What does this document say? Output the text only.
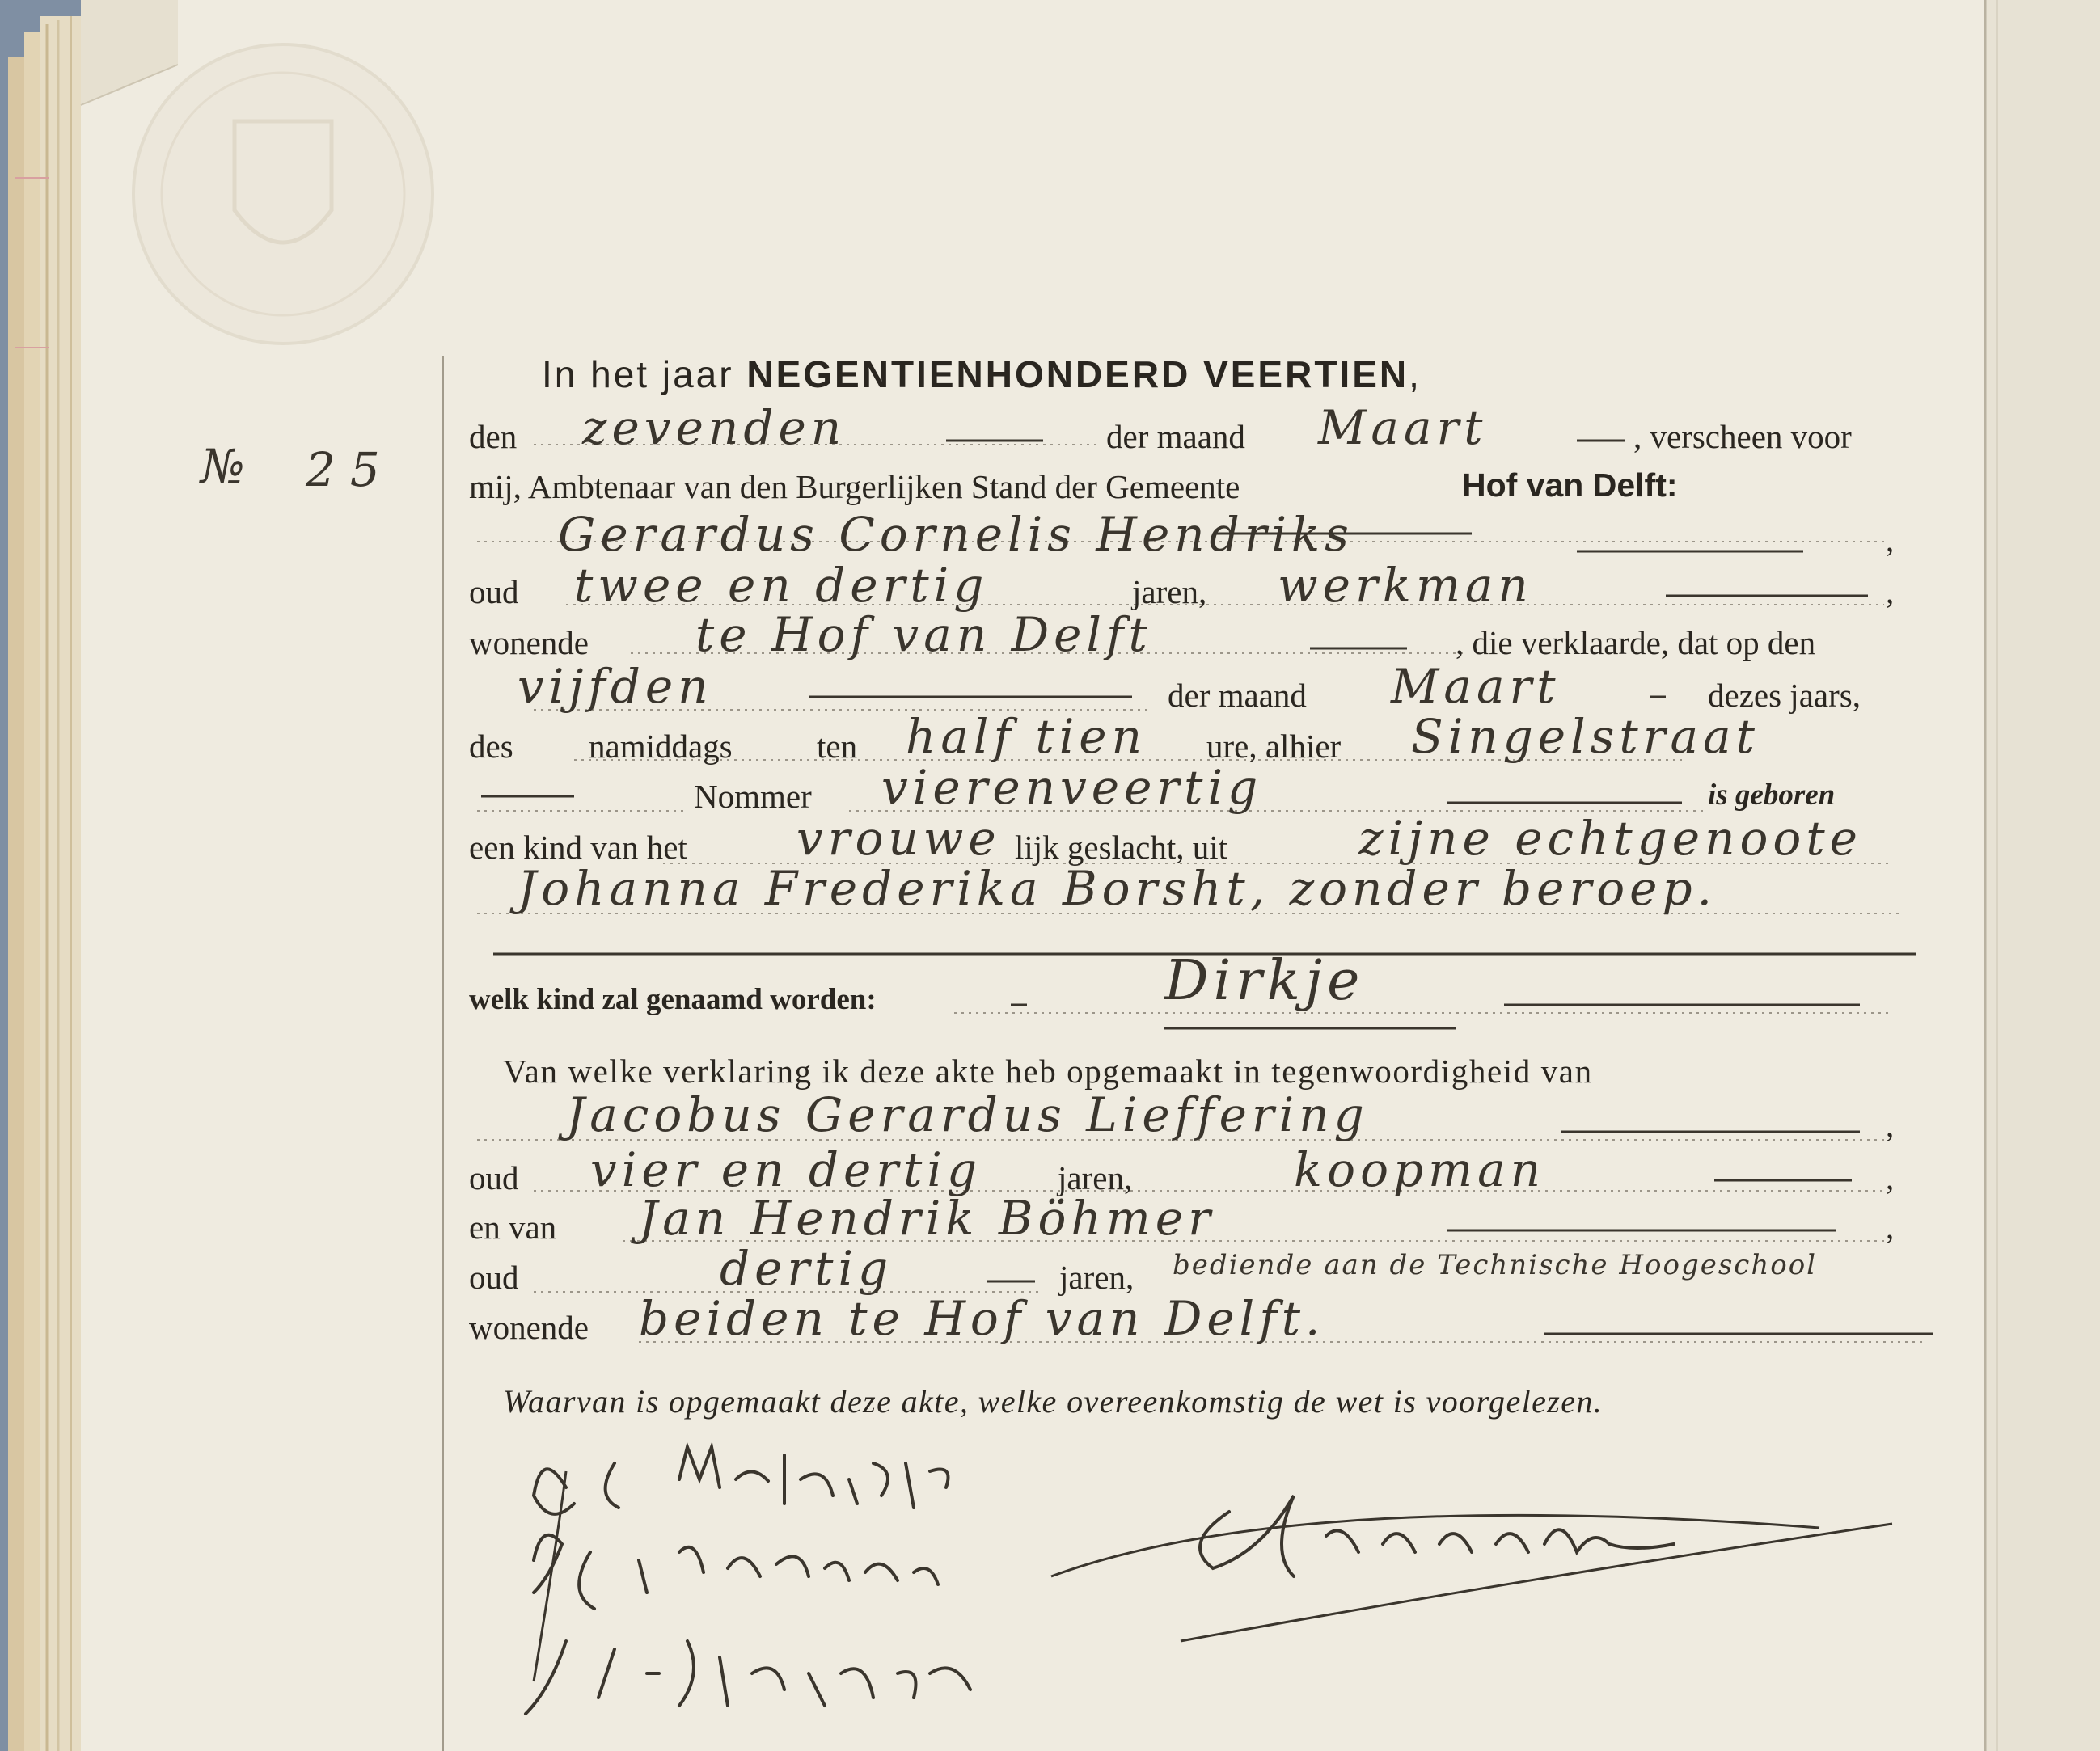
№ 25
In het jaar NEGENTIENHONDERD VEERTIEN,
den zevenden	der maand Maart	, verscheen voor
mij, Ambtenaar van den Burgerlijken Stand der Gemeente	Hof van Delft:
Gerardus Cornelis Hendriks	,
oud twee en dertig	jaren, werkman	,
wonende te Hof van Delft	, die verklaarde, dat op den
vijfden	der maand Maart	dezes jaars,
des namiddags	ten half tien ure, alhier Singelstraat
Nommer vierenveertig	is geboren
een kind van het vrouwe lijk geslacht, uit	zijne echtgenoote
Johanna Frederika Borsht, zonder beroep.
welk kind zal genaamd worden:	Dirkje
Van welke verklaring ik deze akte heb opgemaakt in tegenwoordigheid van
Jacobus Gerardus Lieffering	,
oud vier en dertig jaren,	koopman	,
en van Jan Hendrik Böhmer	,
oud	dertig	jaren, bediende aan de Technische Hoogeschool
wonende beiden te Hof van Delft.
Waarvan is opgemaakt deze akte, welke overeenkomstig de wet is voorgelezen.
